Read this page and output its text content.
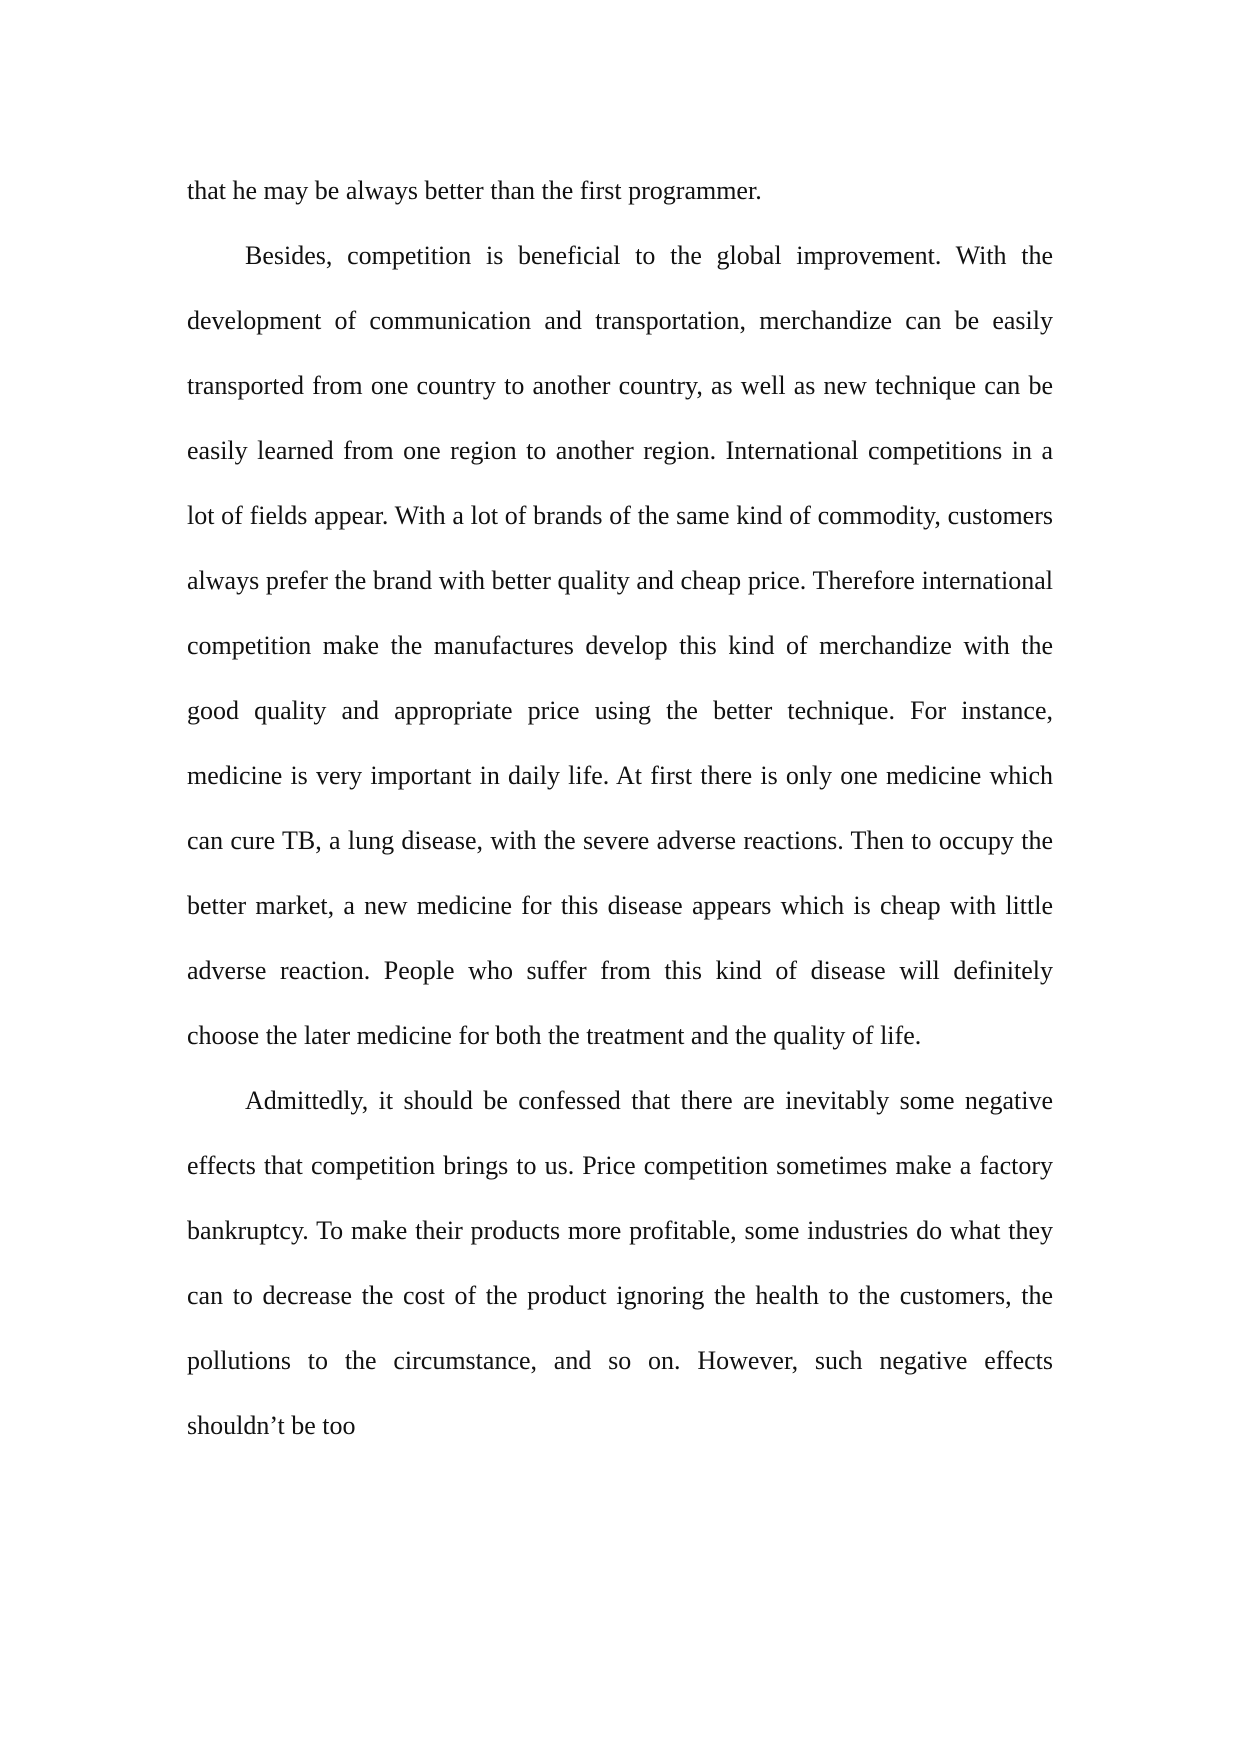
that he may be always better than the first programmer.

Besides, competition is beneficial to the global improvement. With the development of communication and transportation, merchandize can be easily transported from one country to another country, as well as new technique can be easily learned from one region to another region. International competitions in a lot of fields appear. With a lot of brands of the same kind of commodity, customers always prefer the brand with better quality and cheap price. Therefore international competition make the manufactures develop this kind of merchandize with the good quality and appropriate price using the better technique. For instance, medicine is very important in daily life. At first there is only one medicine which can cure TB, a lung disease, with the severe adverse reactions. Then to occupy the better market, a new medicine for this disease appears which is cheap with little adverse reaction. People who suffer from this kind of disease will definitely choose the later medicine for both the treatment and the quality of life.

Admittedly, it should be confessed that there are inevitably some negative effects that competition brings to us. Price competition sometimes make a factory bankruptcy. To make their products more profitable, some industries do what they can to decrease the cost of the product ignoring the health to the customers, the pollutions to the circumstance, and so on. However, such negative effects shouldn’t be too
